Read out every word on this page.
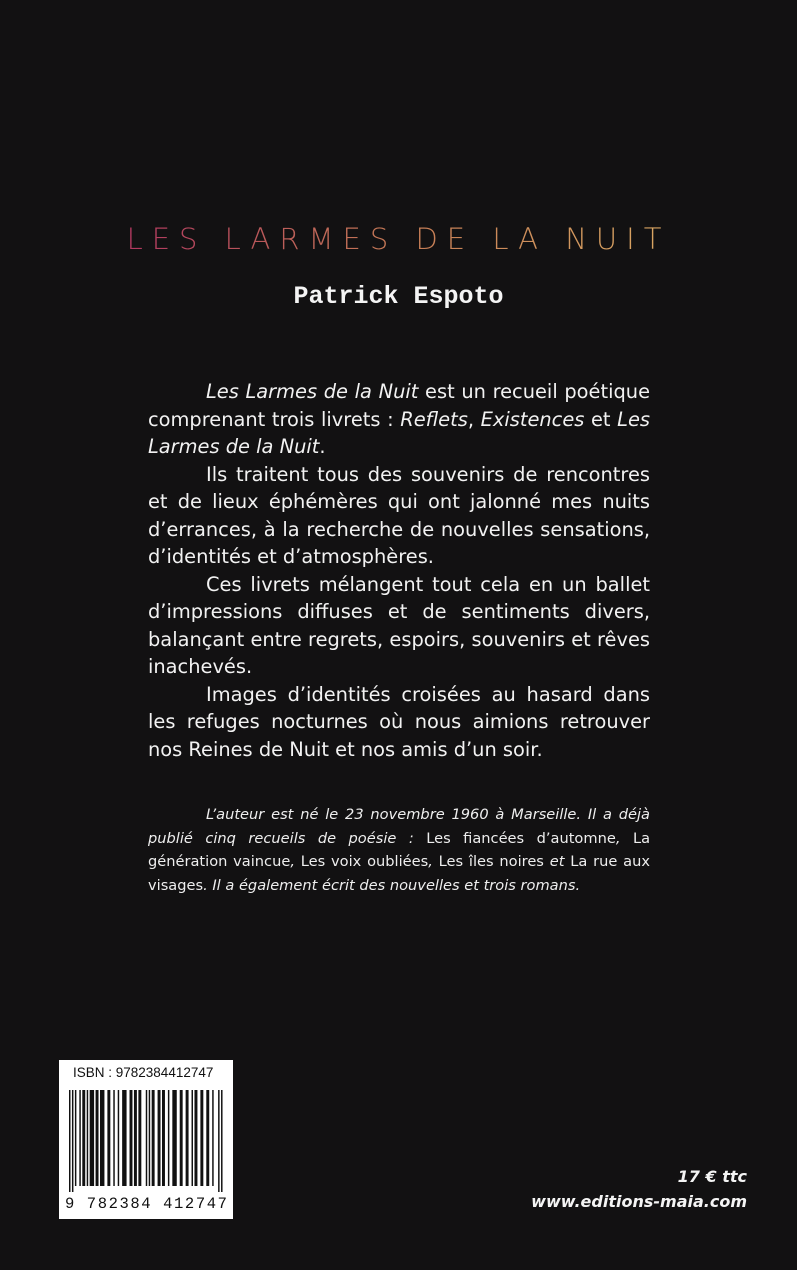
LES LARMES DE LA NUIT

Patrick Espoto

Les Larmes de la Nuit est un recueil poétique comprenant trois livrets : Reflets, Existences et Les Larmes de la Nuit.

Ils traitent tous des souvenirs de rencontres et de lieux éphémères qui ont jalonné mes nuits d’errances, à la recherche de nouvelles sensations, d’identités et d’atmosphères.

Ces livrets mélangent tout cela en un ballet d’impressions diffuses et de sentiments divers, balançant entre regrets, espoirs, souvenirs et rêves inachevés.

Images d’identités croisées au hasard dans les refuges nocturnes où nous aimions retrouver nos Reines de Nuit et nos amis d’un soir.

L’auteur est né le 23 novembre 1960 à Marseille. Il a déjà publié cinq recueils de poésie : Les fiancées d’automne, La génération vaincue, Les voix oubliées, Les îles noires et La rue aux visages. Il a également écrit des nouvelles et trois romans.

ISBN : 9782384412747

9 782384 412747

17 € ttc

www.editions-maia.com
